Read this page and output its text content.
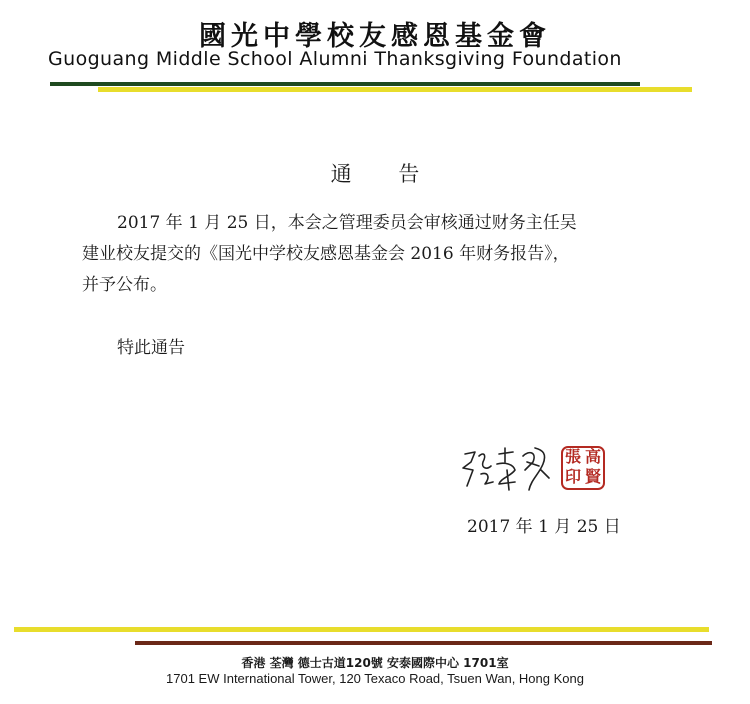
國光中學校友感恩基金會
Guoguang Middle School Alumni Thanksgiving Foundation
通 告
2017 年 1 月 25 日，本会之管理委员会审核通过财务主任吴
建业校友提交的《国光中学校友感恩基金会 2016 年财务报告》，
并予公布。
特此通告
張 高
印 賢
2017 年 1 月 25 日
香港 荃灣 德士古道120號 安泰國際中心 1701室
1701 EW International Tower, 120 Texaco Road, Tsuen Wan, Hong Kong
